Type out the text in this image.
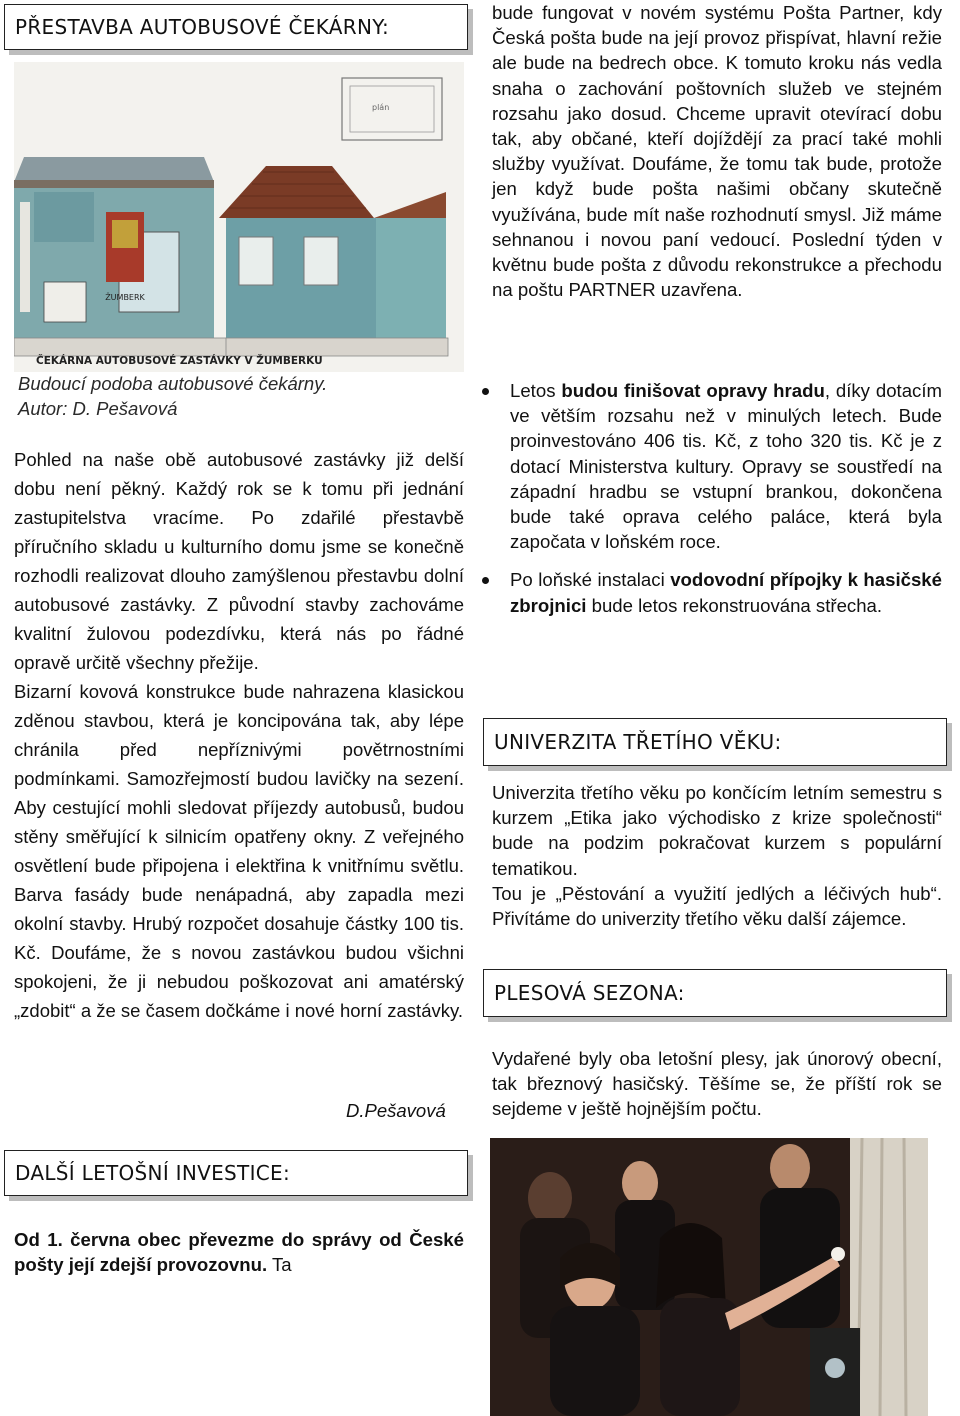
PŘESTAVBA AUTOBUSOVÉ ČEKÁRNY:
plán
ŽUMBERK
ČEKÁRNA AUTOBUSOVÉ ZASTÁVKY V ŽUMBERKU
Budoucí podoba autobusové čekárny.
Autor: D. Pešavová

Pohled na naše obě autobusové zastávky již delší dobu není pěkný. Každý rok se k tomu při jednání zastupitelstva vracíme. Po zdařilé přestavbě příručního skladu u kulturního domu jsme se konečně rozhodli realizovat dlouho zamýšlenou přestavbu dolní autobusové zastávky. Z původní stavby zachováme kvalitní žulovou podezdívku, která nás po řádné opravě určitě všechny přežije.

Bizarní kovová konstrukce bude nahrazena klasickou zděnou stavbou, která je koncipována tak, aby lépe chránila před nepříznivými povětrnostními podmínkami. Samozřejmostí budou lavičky na sezení. Aby cestující mohli sledovat příjezdy autobusů, budou stěny směřující k silnicím opatřeny okny. Z veřejného osvětlení bude připojena i elektřina k vnitřnímu světlu. Barva fasády bude nenápadná, aby zapadla mezi okolní stavby. Hrubý rozpočet dosahuje částky 100 tis. Kč. Doufáme, že s novou zastávkou budou všichni spokojeni, že ji nebudou poškozovat ani amatérský „zdobit“ a že se časem dočkáme i nové horní zastávky.

D.Pešavová
DALŠÍ LETOŠNÍ INVESTICE:

Od 1. června obec převezme do správy od České pošty její zdejší provozovnu. Ta

bude fungovat v novém systému Pošta Partner, kdy Česká pošta bude na její provoz přispívat, hlavní režie ale bude na bedrech obce. K tomuto kroku nás vedla snaha o zachování poštovních služeb ve stejném rozsahu jako dosud. Chceme upravit otevírací dobu tak, aby občané, kteří dojíždějí za prací také mohli služby využívat. Doufáme, že tomu tak bude, protože jen když bude pošta našimi občany skutečně využívána, bude mít naše rozhodnutí smysl. Již máme sehnanou i novou paní vedoucí. Poslední týden v květnu bude pošta z důvodu rekonstrukce a přechodu na poštu PARTNER uzavřena.

Letos budou finišovat opravy hradu, díky dotacím ve větším rozsahu než v minulých letech. Bude proinvestováno 406 tis. Kč, z toho 320 tis. Kč je z dotací Ministerstva kultury. Opravy se soustředí na západní hradbu se vstupní brankou, dokončena bude také oprava celého paláce, která byla započata v loňském roce.
Po loňské instalaci vodovodní přípojky k hasičské zbrojnici bude letos rekonstruována střecha.
UNIVERZITA TŘETÍHO VĚKU:

Univerzita třetího věku po končícím letním semestru s kurzem „Etika jako východisko z krize společnosti“ bude na podzim pokračovat kurzem s populární tematikou.

Tou je „Pěstování a využití jedlých a léčivých hub“. Přivítáme do univerzity třetího věku další zájemce.

PLESOVÁ SEZONA:

Vydařené byly oba letošní plesy, jak únorový obecní, tak březnový hasičský. Těšíme se, že příští rok se sejdeme v ještě hojnějším počtu.
